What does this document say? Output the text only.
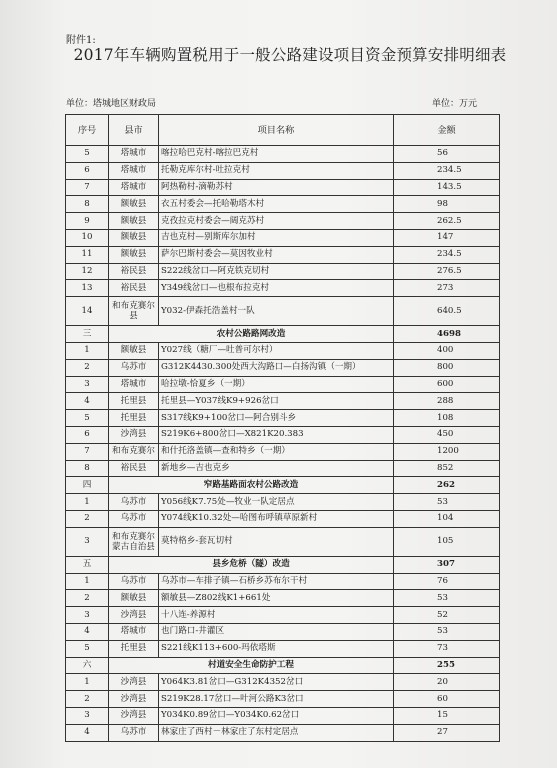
附件1:
2017年车辆购置税用于一般公路建设项目资金预算安排明细表
单位：塔城地区财政局	单位：万元
序号	县市	项目名称	金额
5	塔城市	喀拉哈巴克村-喀拉巴克村	56
6	塔城市	托勒克库尔村-吐拉克村	234.5
7	塔城市	阿热勒村-滴勒苏村	143.5
8	额敏县	衣五村委会—托哈勒塔木村	98
9	额敏县	克孜拉克村委会—阔克苏村	262.5
10	额敏县	吉也克村—别斯库尔加村	147
11	额敏县	萨尔巴斯村委会—莫因牧业村	234.5
12	裕民县	S222线岔口—阿克铁克切村	276.5
13	裕民县	Y349线岔口—也根布拉克村	273
14	和布克赛尔县	Y032-伊森托浩盖村一队	640.5
三	农村公路路网改造		4698
1	额敏县	Y027线（糖厂—吐普可尔村）	400
2	乌苏市	G312K4430.300处西大沟路口—白扬沟镇（一期）	800
3	塔城市	哈拉墩-恰夏乡（一期）	600
4	托里县	托里县—Y037线K9+926岔口	288
5	托里县	S317线K9+100岔口—阿合别斗乡	108
6	沙湾县	S219K6+800岔口—X821K20.383	450
7	和布克赛尔	和什托洛盖镇—查和特乡（一期）	1200
8	裕民县	新地乡—吉也克乡	852
四	窄路基路面农村公路改造		262
1	乌苏市	Y056线K7.75处—牧业一队定居点	53
2	乌苏市	Y074线K10.32处—哈图布呼镇草原新村	104
3	和布克赛尔蒙古自治县	莫特格乡-套瓦切村	105
五	县乡危桥（隧）改造		307
1	乌苏市	乌苏市—车排子镇—石桥乡苏布尔干村	76
2	额敏县	额敏县—Z802线K1+661处	53
3	沙湾县	十八连-养源村	52
4	塔城市	也门路口-井灌区	53
5	托里县	S221线K113+600-玛依塔斯	73
六	村道安全生命防护工程		255
1	沙湾县	Y064K3.81岔口—G312K4352岔口	20
2	沙湾县	S219K28.17岔口—叶河公路K3岔口	60
3	沙湾县	Y034K0.89岔口—Y034K0.62岔口	15
4	乌苏市	林家庄了西村－林家庄了东村定居点	27
